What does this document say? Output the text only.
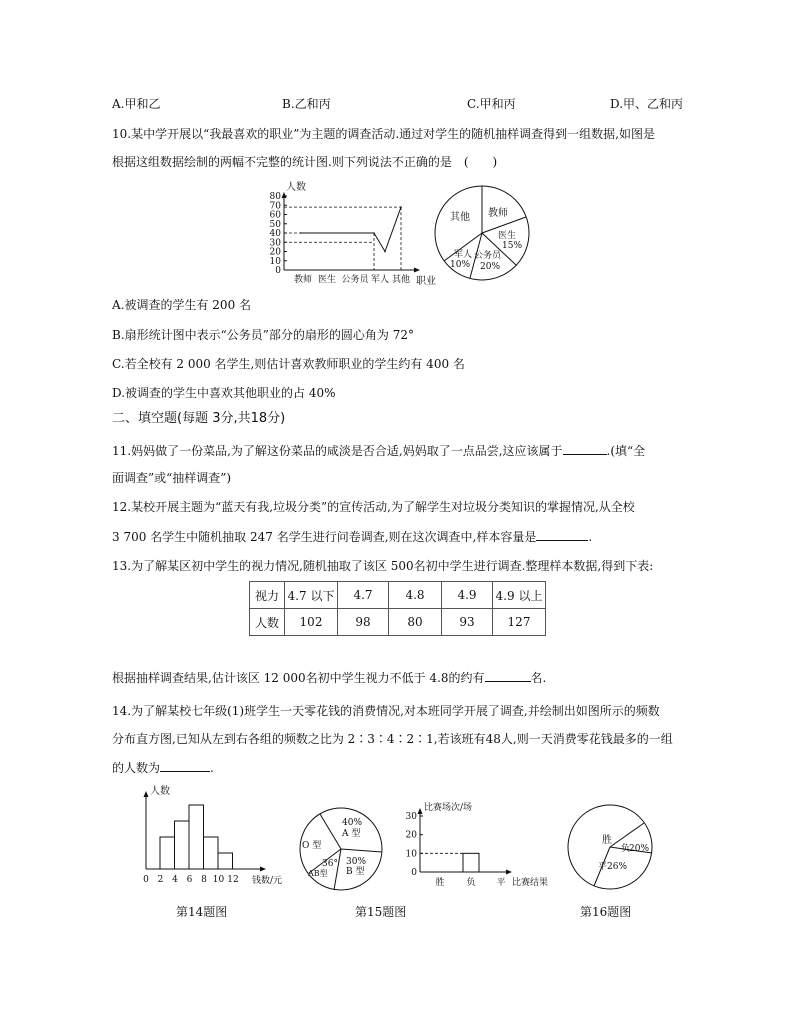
A.甲和乙	B.乙和丙	C.甲和丙	D.甲、乙和丙
10.某中学开展以“我最喜欢的职业”为主题的调查活动.通过对学生的随机抽样调查得到一组数据,如图是
根据这组数据绘制的两幅不完整的统计图.则下列说法不正确的是　(　　)
人数
职业
0
10
20
30
40
50
60
70
80
教师 医生 公务员 军人 其他
其他 教师
医生
15%
公务员
20%
军人
10%
A.被调查的学生有 200 名
B.扇形统计图中表示“公务员”部分的扇形的圆心角为 72°
C.若全校有 2 000 名学生,则估计喜欢教师职业的学生约有 400 名
D.被调查的学生中喜欢其他职业的占 40%
二、填空题(每题 3分,共18分)
11.妈妈做了一份菜品,为了解这份菜品的咸淡是否合适,妈妈取了一点品尝,这应该属于	.(填“全
面调查”或“抽样调查”)
12.某校开展主题为“蓝天有我,垃圾分类”的宣传活动,为了解学生对垃圾分类知识的掌握情况,从全校
3 700 名学生中随机抽取 247 名学生进行问卷调查,则在这次调查中,样本容量是	.
13.为了解某区初中学生的视力情况,随机抽取了该区 500名初中学生进行调查.整理样本数据,得到下表:
视力	4.7 以下	4.7	4.8	4.9	4.9 以上
人数	102	98	80	93	127
根据抽样调查结果,估计该区 12 000名初中学生视力不低于 4.8的约有	名.
14.为了解某校七年级(1)班学生一天零花钱的消费情况,对本班同学开展了调查,并绘制出如图所示的频数
分布直方图,已知从左到右各组的频数之比为 2∶3∶4∶2∶1,若该班有48人,则一天消费零花钱最多的一组
的人数为	.
人数
钱数/元
0 2 4 6 8 10 12
40%
A 型
30%
B 型
36°
AB型
O 型
比赛场次/场
比赛结果
0
10
20
30
胜 负 平
胜
负
20%
平 26%
第14题图	第15题图	第16题图
